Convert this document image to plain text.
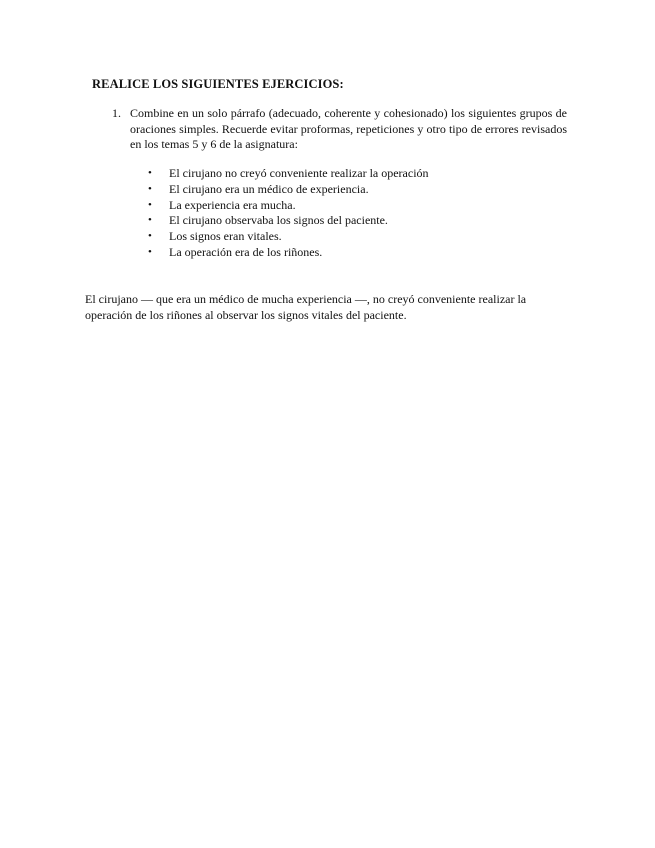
REALICE LOS SIGUIENTES EJERCICIOS:
1. Combine en un solo párrafo (adecuado, coherente y cohesionado) los siguientes grupos de oraciones simples. Recuerde evitar proformas, repeticiones y otro tipo de errores revisados en los temas 5 y 6 de la asignatura:
• El cirujano no creyó conveniente realizar la operación
• El cirujano era un médico de experiencia.
• La experiencia era mucha.
• El cirujano observaba los signos del paciente.
• Los signos eran vitales.
• La operación era de los riñones.

El cirujano — que era un médico de mucha experiencia —, no creyó conveniente realizar la operación de los riñones al observar los signos vitales del paciente.
